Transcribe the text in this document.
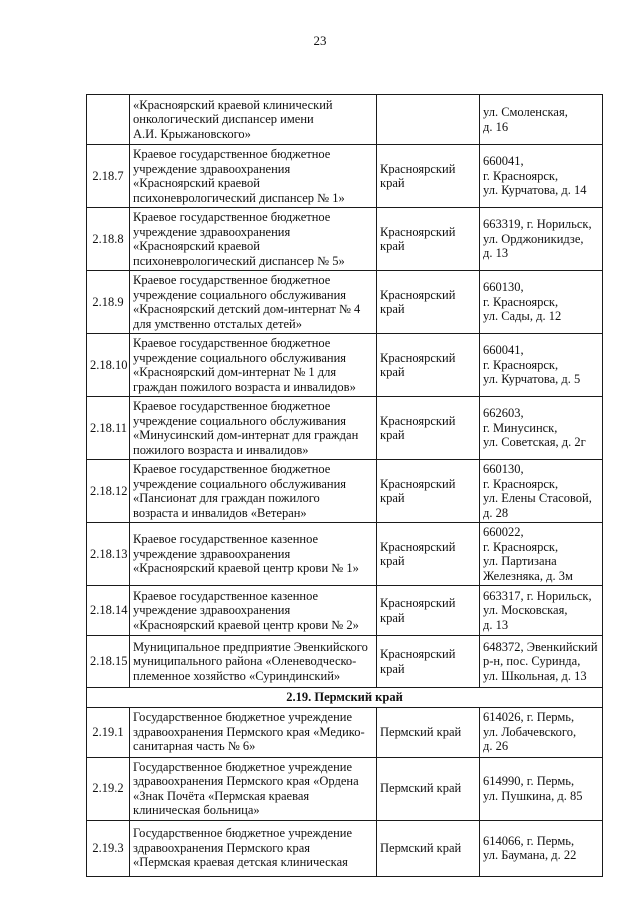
23

	«Красноярский краевой клинический
онкологический диспансер имени
А.И. Крыжановского»		ул. Смоленская,
д. 16

2.18.7	Краевое государственное бюджетное
учреждение здравоохранения
«Красноярский краевой
психоневрологический диспансер № 1»	Красноярский
край	660041,
г. Красноярск,
ул. Курчатова, д. 14

2.18.8	Краевое государственное бюджетное
учреждение здравоохранения
«Красноярский краевой
психоневрологический диспансер № 5»	Красноярский
край	663319, г. Норильск,
ул. Орджоникидзе,
д. 13

2.18.9	Краевое государственное бюджетное
учреждение социального обслуживания
«Красноярский детский дом-интернат № 4
для умственно отсталых детей»	Красноярский
край	660130,
г. Красноярск,
ул. Сады, д. 12

2.18.10	Краевое государственное бюджетное
учреждение социального обслуживания
«Красноярский дом-интернат № 1 для
граждан пожилого возраста и инвалидов»	Красноярский
край	660041,
г. Красноярск,
ул. Курчатова, д. 5

2.18.11	Краевое государственное бюджетное
учреждение социального обслуживания
«Минусинский дом-интернат для граждан
пожилого возраста и инвалидов»	Красноярский
край	662603,
г. Минусинск,
ул. Советская, д. 2г

2.18.12	Краевое государственное бюджетное
учреждение социального обслуживания
«Пансионат для граждан пожилого
возраста и инвалидов «Ветеран»	Красноярский
край	660130,
г. Красноярск,
ул. Елены Стасовой,
д. 28

2.18.13	Краевое государственное казенное
учреждение здравоохранения
«Красноярский краевой центр крови № 1»	Красноярский
край	660022,
г. Красноярск,
ул. Партизана
Железняка, д. 3м

2.18.14	Краевое государственное казенное
учреждение здравоохранения
«Красноярский краевой центр крови № 2»	Красноярский
край	663317, г. Норильск,
ул. Московская,
д. 13

2.18.15	Муниципальное предприятие Эвенкийского
муниципального района «Оленеводческо-
племенное хозяйство «Суриндинский»	Красноярский
край	648372, Эвенкийский
р-н, пос. Суринда,
ул. Школьная, д. 13

2.19. Пермский край			
2.19.1	Государственное бюджетное учреждение
здравоохранения Пермского края «Медико-
санитарная часть № 6»	Пермский край	614026, г. Пермь,
ул. Лобачевского,
д. 26

2.19.2	Государственное бюджетное учреждение
здравоохранения Пермского края «Ордена
«Знак Почёта «Пермская краевая
клиническая больница»	Пермский край	614990, г. Пермь,
ул. Пушкина, д. 85

2.19.3	Государственное бюджетное учреждение
здравоохранения Пермского края
«Пермская краевая детская клиническая	Пермский край	614066, г. Пермь,
ул. Баумана, д. 22
